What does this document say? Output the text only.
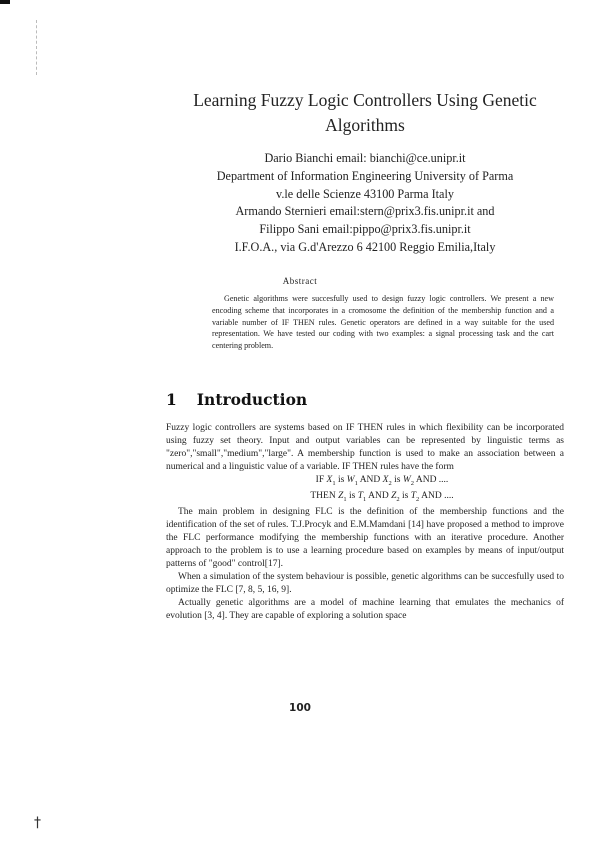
Learning Fuzzy Logic Controllers Using Genetic
Algorithms
Dario Bianchi email: bianchi@ce.unipr.it
Department of Information Engineering University of Parma
v.le delle Scienze 43100 Parma Italy
Armando Sternieri email:stern@prix3.fis.unipr.it and
Filippo Sani email:pippo@prix3.fis.unipr.it
I.F.O.A., via G.d'Arezzo 6 42100 Reggio Emilia,Italy
Abstract
Genetic algorithms were succesfully used to design fuzzy logic controllers. We present a new encoding scheme that incorporates in a cromosome the definition of the membership function and a variable number of IF THEN rules. Genetic operators are defined in a way suitable for the used representation. We have tested our coding with two examples: a signal processing task and the cart centering problem.
1 Introduction

Fuzzy logic controllers are systems based on IF THEN rules in which flexibility can be incorporated using fuzzy set theory. Input and output variables can be represented by linguistic terms as "zero","small","medium","large". A membership function is used to make an association between a numerical and a linguistic value of a variable. IF THEN rules have the form

IF $X_1$ is $W_1$ AND $X_2$ is $W_2$ AND ....

THEN $Z_1$ is $T_1$ AND $Z_2$ is $T_2$ AND ....

The main problem in designing FLC is the definition of the membership functions and the identification of the set of rules. T.J.Procyk and E.M.Mamdani [14] have proposed a method to improve the FLC performance modifying the membership functions with an iterative procedure. Another approach to the problem is to use a learning procedure based on examples by means of input/output patterns of "good" control[17].

When a simulation of the system behaviour is possible, genetic algorithms can be succesfully used to optimize the FLC [7, 8, 5, 16, 9].

Actually genetic algorithms are a model of machine learning that emulates the mechanics of evolution [3, 4]. They are capable of exploring a solution space

100
†
